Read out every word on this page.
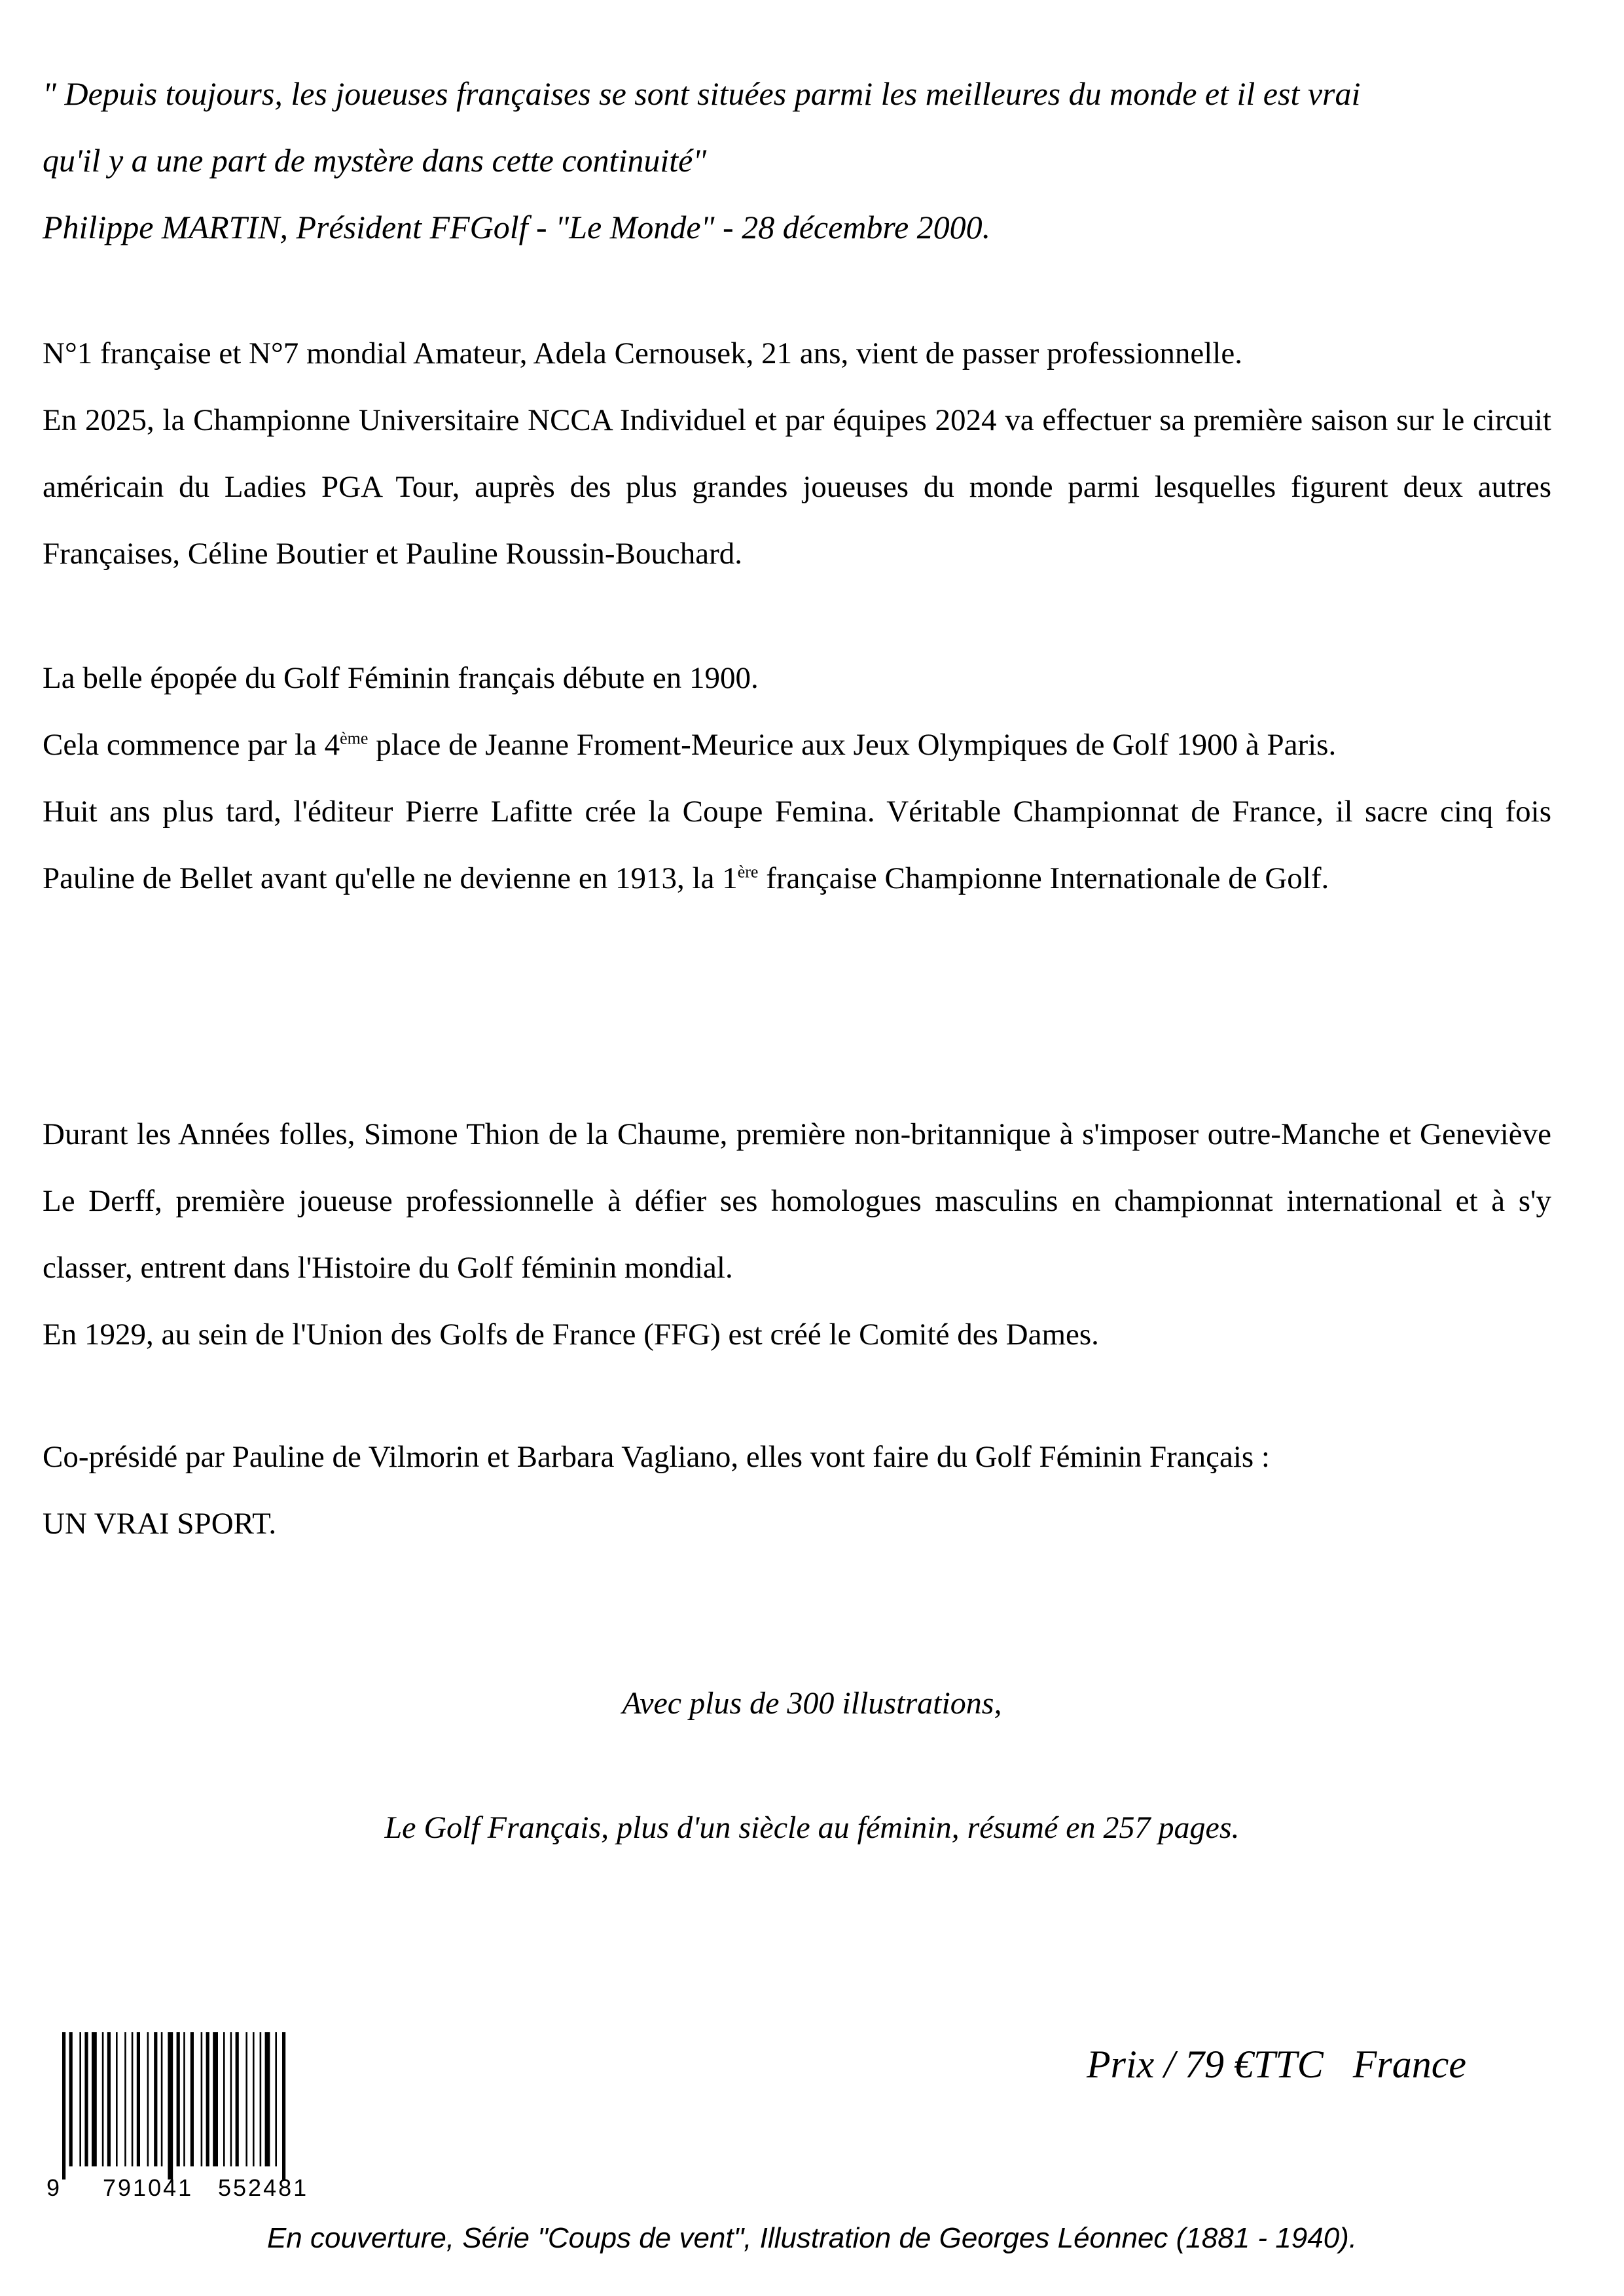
" Depuis toujours, les joueuses françaises se sont situées parmi les meilleures du monde et il est vrai

qu'il y a une part de mystère dans cette continuité"

Philippe MARTIN, Président FFGolf - "Le Monde" - 28 décembre 2000.

N°1 française et N°7 mondial Amateur, Adela Cernousek, 21 ans, vient de passer professionnelle.

En 2025, la Championne Universitaire NCCA Individuel et par équipes 2024 va effectuer sa première saison sur le circuit américain du Ladies PGA Tour, auprès des plus grandes joueuses du monde parmi lesquelles figurent deux autres Françaises, Céline Boutier et Pauline Roussin-Bouchard.

La belle épopée du Golf Féminin français débute en 1900.

Cela commence par la 4ème place de Jeanne Froment-Meurice aux Jeux Olympiques de Golf 1900 à Paris.

Huit ans plus tard, l'éditeur Pierre Lafitte crée la Coupe Femina. Véritable Championnat de France, il sacre cinq fois Pauline de Bellet avant qu'elle ne devienne en 1913, la 1ère française Championne Internationale de Golf.

Durant les Années folles, Simone Thion de la Chaume, première non-britannique à s'imposer outre-Manche et Geneviève Le Derff, première joueuse professionnelle à défier ses homologues masculins en championnat international et à s'y classer, entrent dans l'Histoire du Golf féminin mondial.

En 1929, au sein de l'Union des Golfs de France (FFG) est créé le Comité des Dames.

Co-présidé par Pauline de Vilmorin et Barbara Vagliano, elles vont faire du Golf Féminin Français :

UN VRAI SPORT.

Avec plus de 300 illustrations,
Le Golf Français, plus d'un siècle au féminin, résumé en 257 pages.
9 791041 552481
Prix / 79 €TTC   France
En couverture, Série "Coups de vent", Illustration de Georges Léonnec (1881 - 1940).
